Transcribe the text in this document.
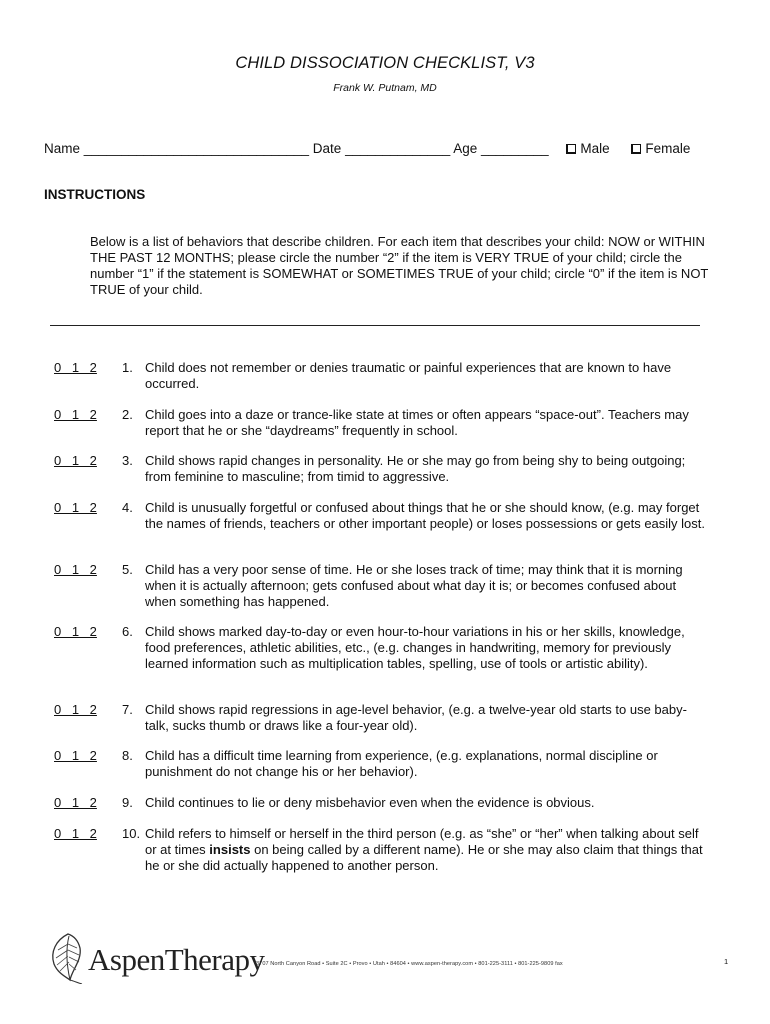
CHILD DISSOCIATION CHECKLIST, V3
Frank W. Putnam, MD
Name ______________________________ Date ______________ Age _________ Male	Female
INSTRUCTIONS
Below is a list of behaviors that describe children. For each item that describes your child: NOW or WITHIN THE PAST 12 MONTHS; please circle the number “2” if the item is VERY TRUE of your child; circle the number “1” if the statement is SOMEWHAT or SOMETIMES TRUE of your child; circle “0” if the item is NOT TRUE of your child.
0 1 2	1. Child does not remember or denies traumatic or painful experiences that are known to have occurred.
0 1 2	2. Child goes into a daze or trance-like state at times or often appears “space-out”. Teachers may report that he or she “daydreams” frequently in school.
0 1 2	3. Child shows rapid changes in personality. He or she may go from being shy to being outgoing; from feminine to masculine; from timid to aggressive.
0 1 2	4. Child is unusually forgetful or confused about things that he or she should know, (e.g. may forget the names of friends, teachers or other important people) or loses possessions or gets easily lost.
0 1 2	5. Child has a very poor sense of time. He or she loses track of time; may think that it is morning when it is actually afternoon; gets confused about what day it is; or becomes confused about when something has happened.
0 1 2	6. Child shows marked day-to-day or even hour-to-hour variations in his or her skills, knowledge, food preferences, athletic abilities, etc., (e.g. changes in handwriting, memory for previously learned information such as multiplication tables, spelling, use of tools or artistic ability).
0 1 2	7. Child shows rapid regressions in age-level behavior, (e.g. a twelve-year old starts to use baby-talk, sucks thumb or draws like a four-year old).
0 1 2	8. Child has a difficult time learning from experience, (e.g. explanations, normal discipline or punishment do not change his or her behavior).
0 1 2	9. Child continues to lie or deny misbehavior even when the evidence is obvious.
0 1 2	10. Child refers to himself or herself in the third person (e.g. as “she” or “her” when talking about self or at times insists on being called by a different name). He or she may also claim that things that he or she did actually happened to another person.
AspenTherapy
3707 North Canyon Road • Suite 2C • Provo • Utah • 84604 • www.aspen-therapy.com • 801-225-3111 • 801-225-9809 fax	1
